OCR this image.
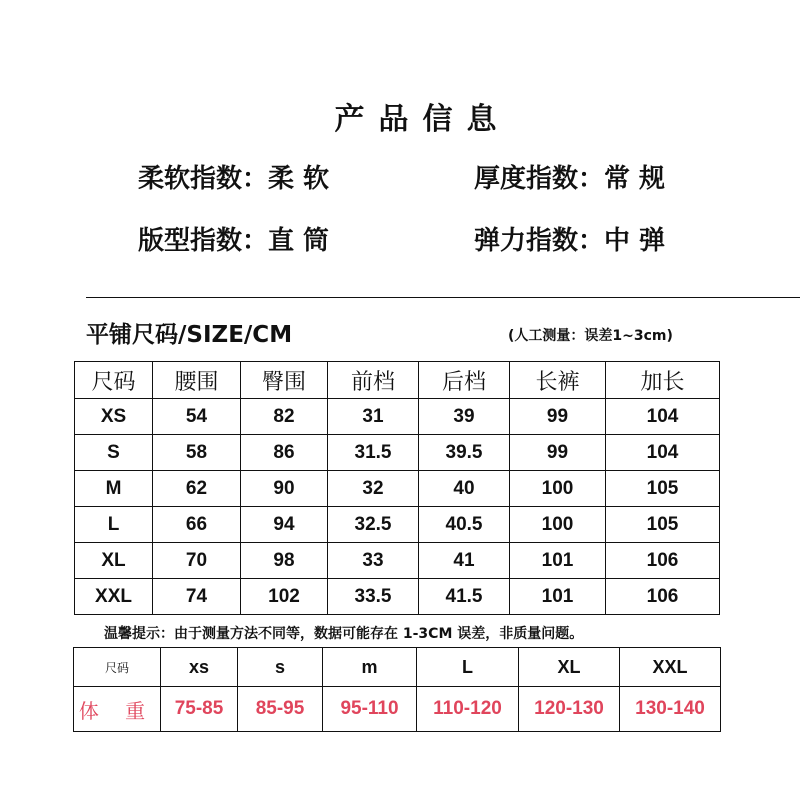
产品信息
柔软指数：柔 软	厚度指数：常 规
版型指数：直 筒	弹力指数：中 弹
平铺尺码/SIZE/CM	(人工测量：误差1~3cm)
尺码	腰围	臀围	前档	后档	长裤	加长
XS	54	82	31	39	99	104
S	58	86	31.5	39.5	99	104
M	62	90	32	40	100	105
L	66	94	32.5	40.5	100	105
XL	70	98	33	41	101	106
XXL	74	102	33.5	41.5	101	106
温馨提示：由于测量方法不同等，数据可能存在 1-3CM 误差，非质量问题。
尺码	xs	s	m	L	XL	XXL
体 重	75-85	85-95	95-110	110-120	120-130	130-140
